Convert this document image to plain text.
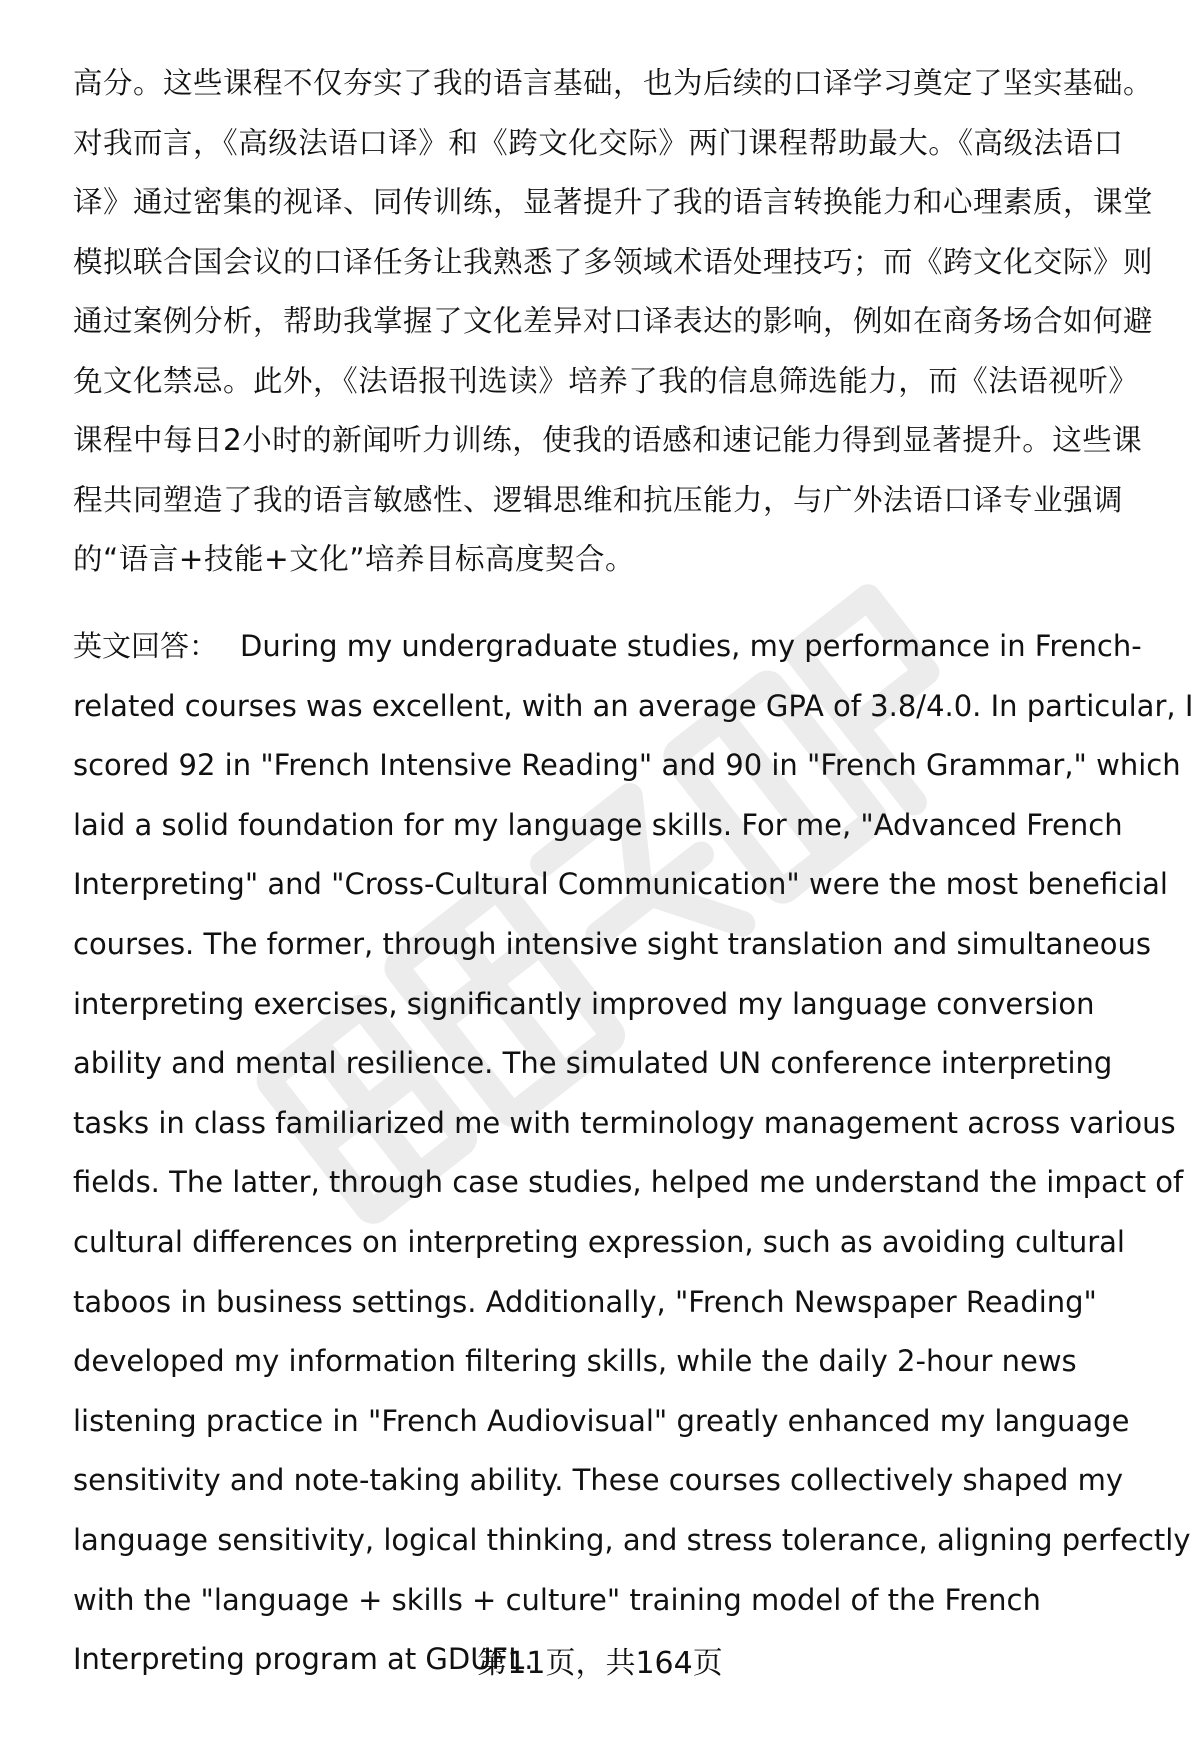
高分。这些课程不仅夯实了我的语言基础，也为后续的口译学习奠定了坚实基础。
对我而言，《高级法语口译》和《跨文化交际》两门课程帮助最大。《高级法语口
译》通过密集的视译、同传训练，显著提升了我的语言转换能力和心理素质，课堂
模拟联合国会议的口译任务让我熟悉了多领域术语处理技巧；而《跨文化交际》则
通过案例分析，帮助我掌握了文化差异对口译表达的影响，例如在商务场合如何避
免文化禁忌。此外，《法语报刊选读》培养了我的信息筛选能力，而《法语视听》
课程中每日2小时的新闻听力训练，使我的语感和速记能力得到显著提升。这些课
程共同塑造了我的语言敏感性、逻辑思维和抗压能力，与广外法语口译专业强调
的“语言+技能+文化”培养目标高度契合。
英文回答： During my undergraduate studies, my performance in French-
related courses was excellent, with an average GPA of 3.8/4.0. In particular, I
scored 92 in "French Intensive Reading" and 90 in "French Grammar," which
laid a solid foundation for my language skills. For me, "Advanced French
Interpreting" and "Cross-Cultural Communication" were the most beneficial
courses. The former, through intensive sight translation and simultaneous
interpreting exercises, significantly improved my language conversion
ability and mental resilience. The simulated UN conference interpreting
tasks in class familiarized me with terminology management across various
fields. The latter, through case studies, helped me understand the impact of
cultural differences on interpreting expression, such as avoiding cultural
taboos in business settings. Additionally, "French Newspaper Reading"
developed my information filtering skills, while the daily 2-hour news
listening practice in "French Audiovisual" greatly enhanced my language
sensitivity and note-taking ability. These courses collectively shaped my
language sensitivity, logical thinking, and stress tolerance, aligning perfectly
with the "language + skills + culture" training model of the French
Interpreting program at GDUFL.
第11页，共164页
